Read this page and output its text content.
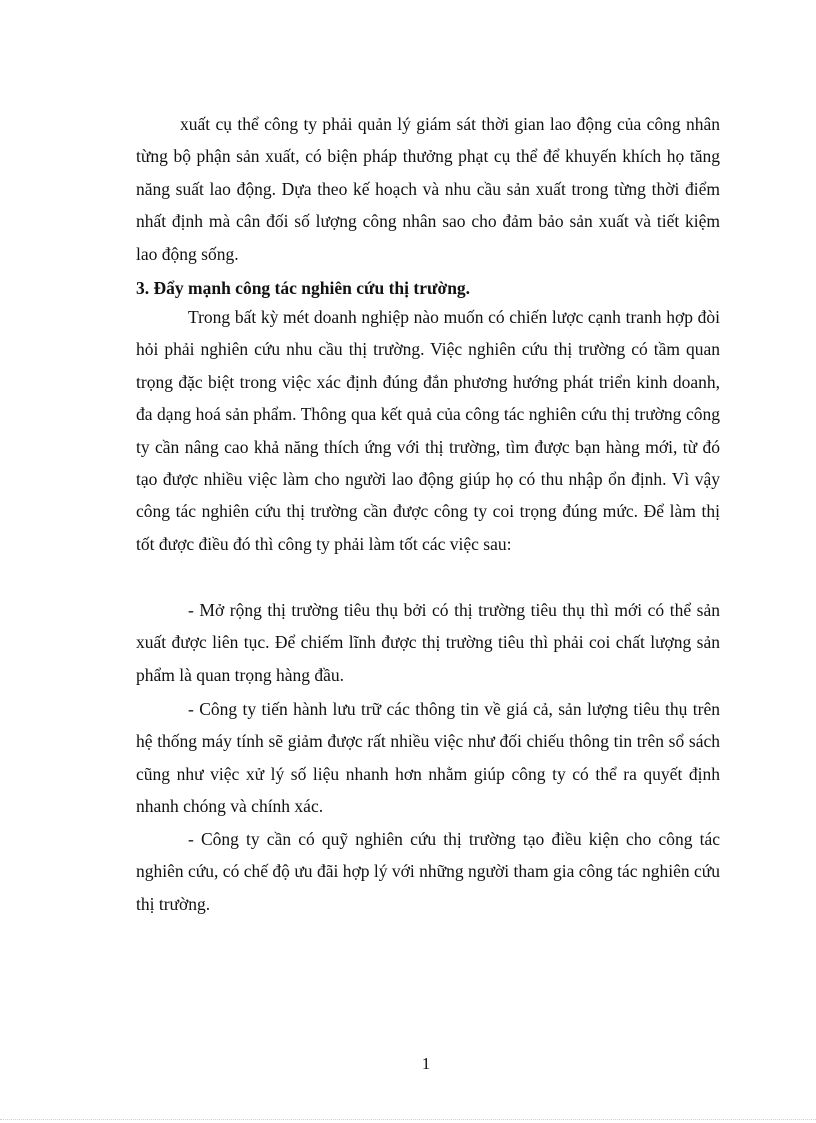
xuất cụ thể công ty phải quản lý giám sát thời gian lao động của công nhân từng bộ phận sản xuất, có biện pháp thưởng phạt cụ thể để khuyến khích họ tăng năng suất lao động. Dựa theo kế hoạch và nhu cầu sản xuất trong từng thời điểm nhất định mà cân đối số lượng công nhân sao cho đảm bảo sản xuất và tiết kiệm lao động sống.

3. Đẩy mạnh công tác nghiên cứu thị trường.

Trong bất kỳ mét doanh nghiệp nào muốn có chiến lược cạnh tranh hợp đòi hỏi phải nghiên cứu nhu cầu thị trường. Việc nghiên cứu thị trường có tầm quan trọng đặc biệt trong việc xác định đúng đắn phương hướng phát triển kinh doanh, đa dạng hoá sản phẩm. Thông qua kết quả của công tác nghiên cứu thị trường công ty cần nâng cao khả năng thích ứng với thị trường, tìm được bạn hàng mới, từ đó tạo được nhiều việc làm cho người lao động giúp họ có thu nhập ổn định. Vì vậy công tác nghiên cứu thị trường cần được công ty coi trọng đúng mức. Để làm thị tốt được điều đó thì công ty phải làm tốt các việc sau:

- Mở rộng thị trường tiêu thụ bởi có thị trường tiêu thụ thì mới có thể sản xuất được liên tục. Để chiếm lĩnh được thị trường tiêu thì phải coi chất lượng sản phẩm là quan trọng hàng đầu.

- Công ty tiến hành lưu trữ các thông tin về giá cả, sản lượng tiêu thụ trên hệ thống máy tính sẽ giảm được rất nhiều việc như đối chiếu thông tin trên sổ sách cũng như việc xử lý số liệu nhanh hơn nhằm giúp công ty có thể ra quyết định nhanh chóng và chính xác.

- Công ty cần có quỹ nghiên cứu thị trường tạo điều kiện cho công tác nghiên cứu, có chế độ ưu đãi hợp lý với những người tham gia công tác nghiên cứu thị trường.

1
